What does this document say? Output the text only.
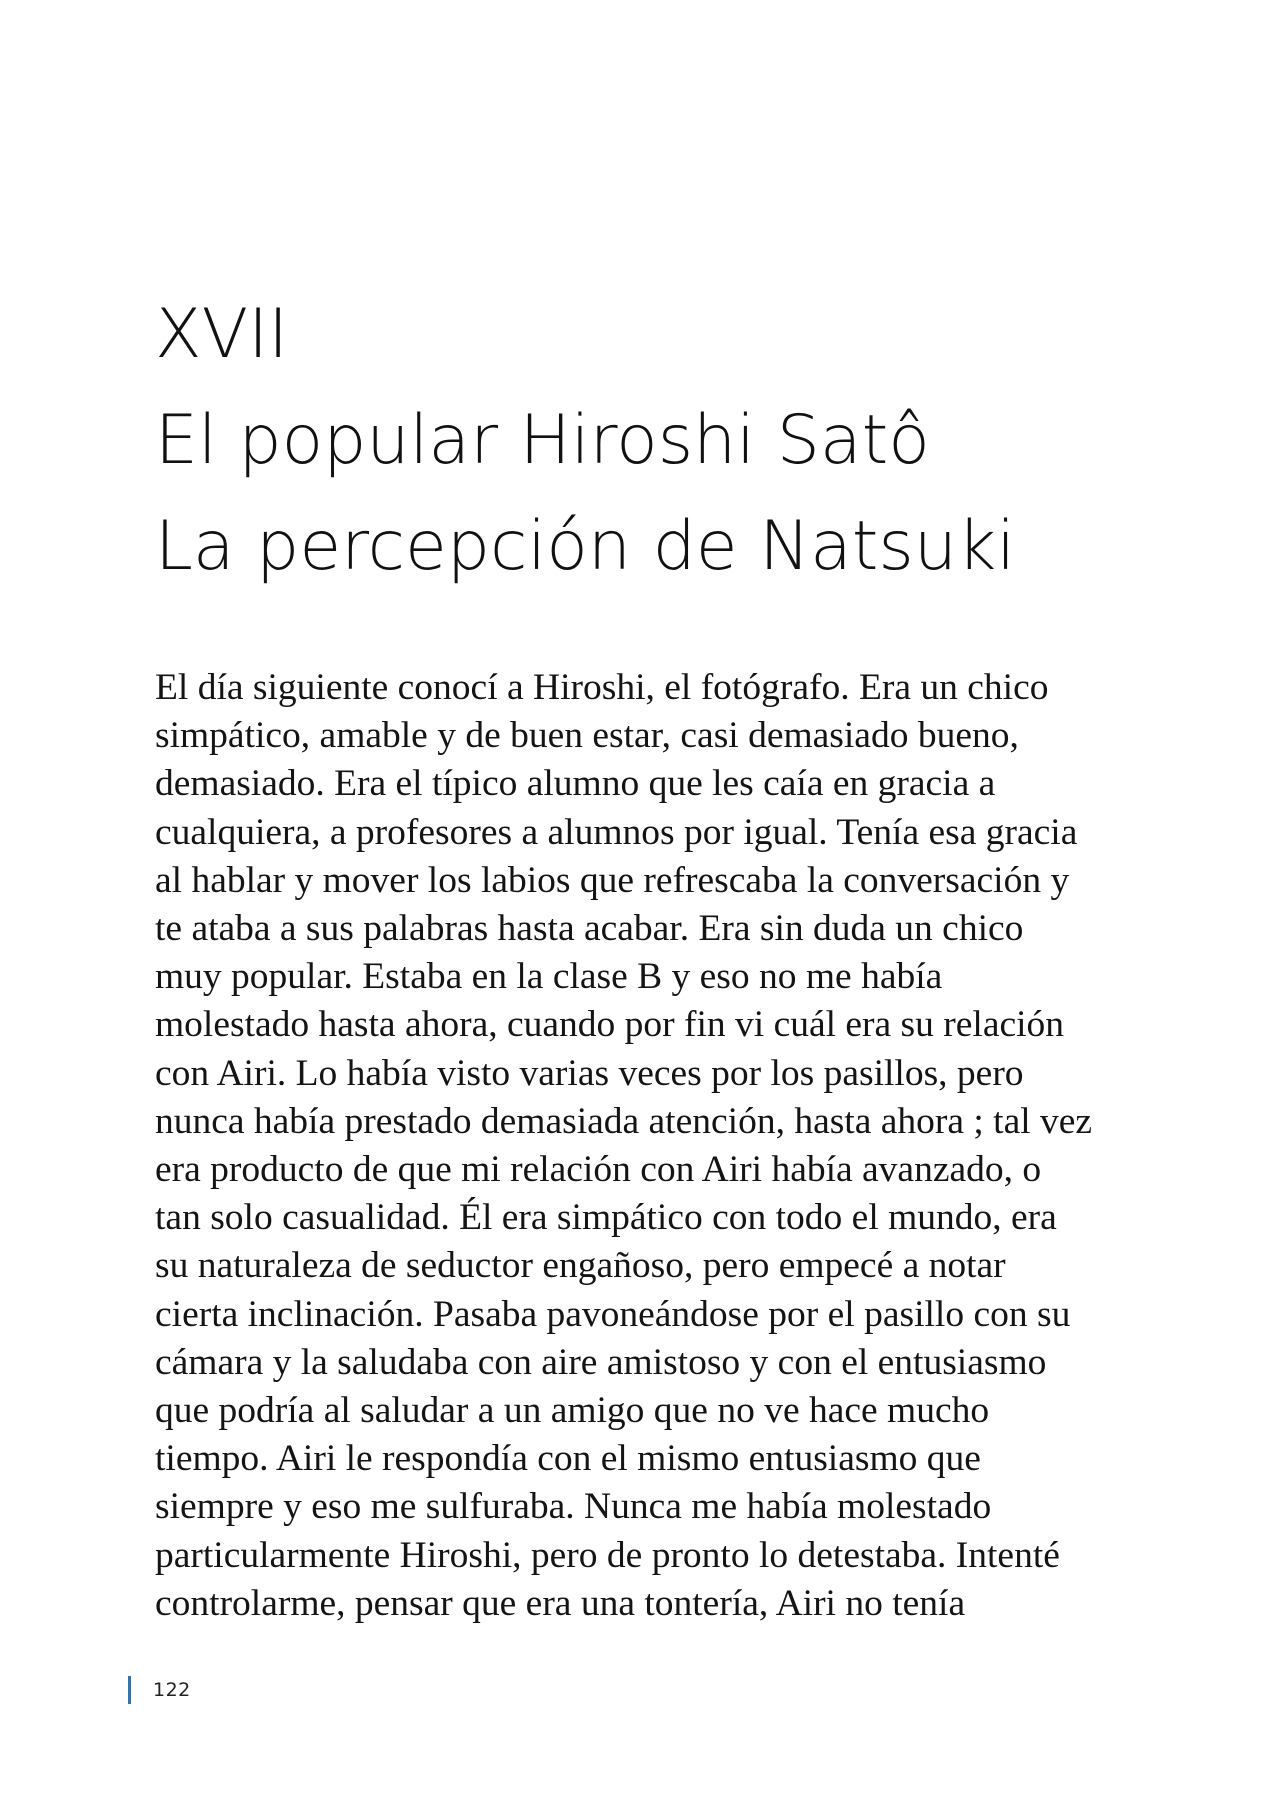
XVII
El popular Hiroshi Satô
La percepción de Natsuki
El día siguiente conocí a Hiroshi, el fotógrafo. Era un chico
simpático, amable y de buen estar, casi demasiado bueno,
demasiado. Era el típico alumno que les caía en gracia a
cualquiera, a profesores a alumnos por igual. Tenía esa gracia
al hablar y mover los labios que refrescaba la conversación y
te ataba a sus palabras hasta acabar. Era sin duda un chico
muy popular. Estaba en la clase B y eso no me había
molestado hasta ahora, cuando por fin vi cuál era su relación
con Airi. Lo había visto varias veces por los pasillos, pero
nunca había prestado demasiada atención, hasta ahora ; tal vez
era producto de que mi relación con Airi había avanzado, o
tan solo casualidad. Él era simpático con todo el mundo, era
su naturaleza de seductor engañoso, pero empecé a notar
cierta inclinación. Pasaba pavoneándose por el pasillo con su
cámara y la saludaba con aire amistoso y con el entusiasmo
que podría al saludar a un amigo que no ve hace mucho
tiempo. Airi le respondía con el mismo entusiasmo que
siempre y eso me sulfuraba. Nunca me había molestado
particularmente Hiroshi, pero de pronto lo detestaba. Intenté
controlarme, pensar que era una tontería, Airi no tenía
122
